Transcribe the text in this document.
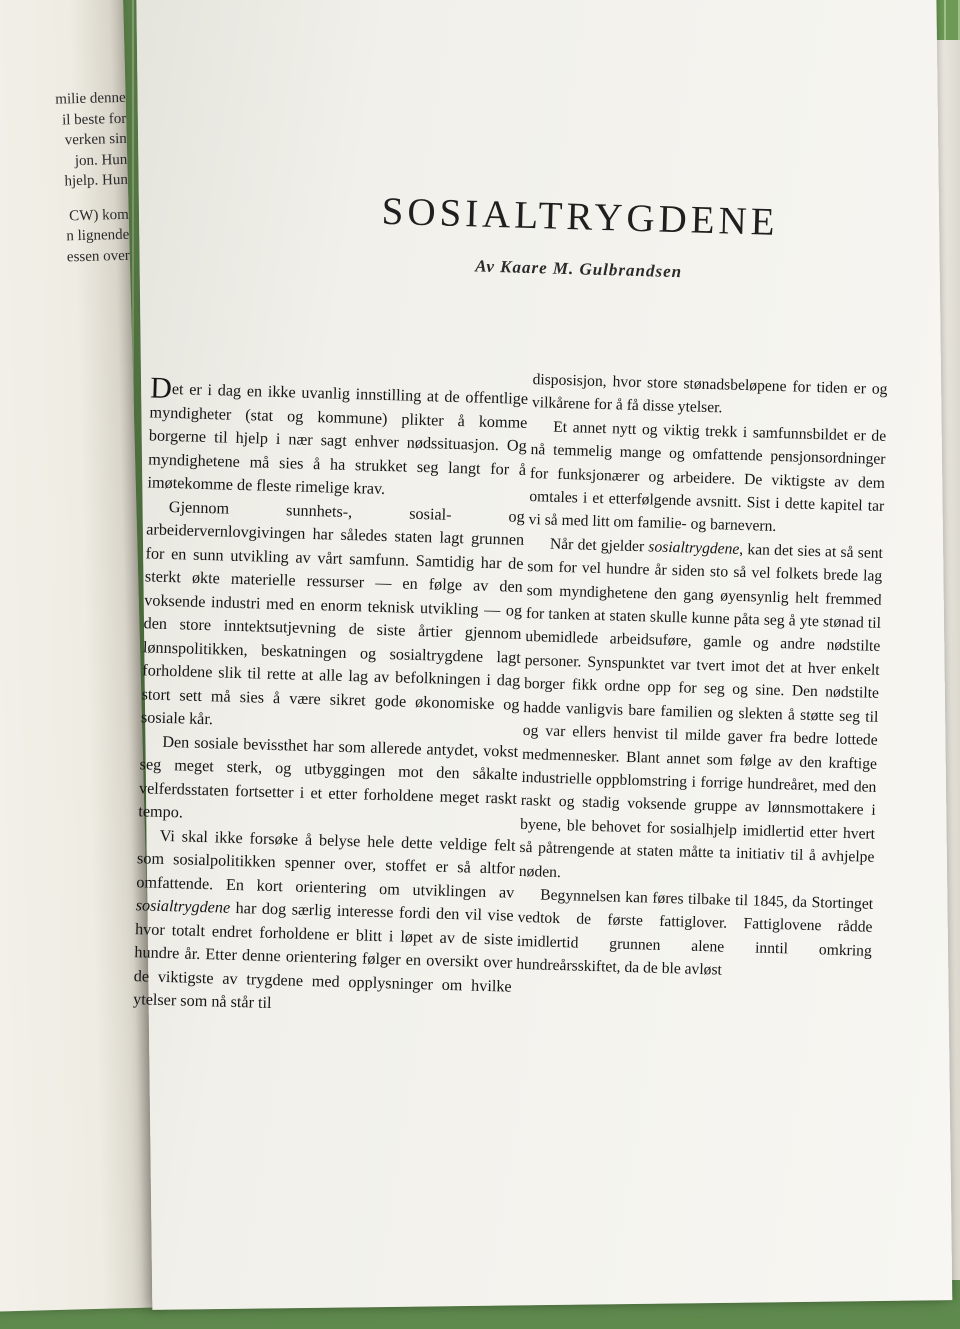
milie denne
il beste for
verken sin
jon. Hun
hjelp. Hun
CW) kom
n lignende
essen over
SOSIALTRYGDENE
Av Kaare M. Gulbrandsen

Det er i dag en ikke uvanlig innstilling at de offentlige myndigheter (stat og kommune) plikter å komme borgerne til hjelp i nær sagt enhver nødssituasjon. Og myndighetene må sies å ha strukket seg langt for å imøtekomme de fleste rimelige krav.

Gjennom sunnhets-, sosial- og arbeidervernlovgivingen har således staten lagt grunnen for en sunn utvikling av vårt samfunn. Samtidig har de sterkt økte materielle ressurser — en følge av den voksende industri med en enorm teknisk utvikling — og den store inntektsutjevning de siste årtier gjennom lønnspolitikken, beskatningen og sosialtrygdene lagt forholdene slik til rette at alle lag av befolkningen i dag stort sett må sies å være sikret gode økonomiske og sosiale kår.

Den sosiale bevissthet har som allerede antydet, vokst seg meget sterk, og utbyggingen mot den såkalte velferdsstaten fortsetter i et etter forholdene meget raskt tempo.

Vi skal ikke forsøke å belyse hele dette veldige felt som sosialpolitikken spenner over, stoffet er så altfor omfattende. En kort orientering om utviklingen av sosialtrygdene har dog særlig interesse fordi den vil vise hvor totalt endret forholdene er blitt i løpet av de siste hundre år. Etter denne orientering følger en oversikt over de viktigste av trygdene med opplysninger om hvilke ytelser som nå står til

disposisjon, hvor store stønadsbeløpene for tiden er og vilkårene for å få disse ytelser.

Et annet nytt og viktig trekk i samfunnsbildet er de nå temmelig mange og omfattende pensjonsordninger for funksjonærer og arbeidere. De viktigste av dem omtales i et etterfølgende avsnitt. Sist i dette kapitel tar vi så med litt om familie- og barnevern.

Når det gjelder sosialtrygdene, kan det sies at så sent som for vel hundre år siden sto så vel folkets brede lag som myndighetene den gang øyensynlig helt fremmed for tanken at staten skulle kunne påta seg å yte stønad til ubemidlede arbeidsuføre, gamle og andre nødstilte personer. Synspunktet var tvert imot det at hver enkelt borger fikk ordne opp for seg og sine. Den nødstilte hadde vanligvis bare familien og slekten å støtte seg til og var ellers henvist til milde gaver fra bedre lottede medmennesker. Blant annet som følge av den kraftige industrielle oppblomstring i forrige hundreåret, med den raskt og stadig voksende gruppe av lønnsmottakere i byene, ble behovet for sosialhjelp imidlertid etter hvert så påtrengende at staten måtte ta initiativ til å avhjelpe nøden.

Begynnelsen kan føres tilbake til 1845, da Stortinget vedtok de første fattiglover. Fattiglovene rådde imidlertid grunnen alene inntil omkring hundreårsskiftet, da de ble avløst
